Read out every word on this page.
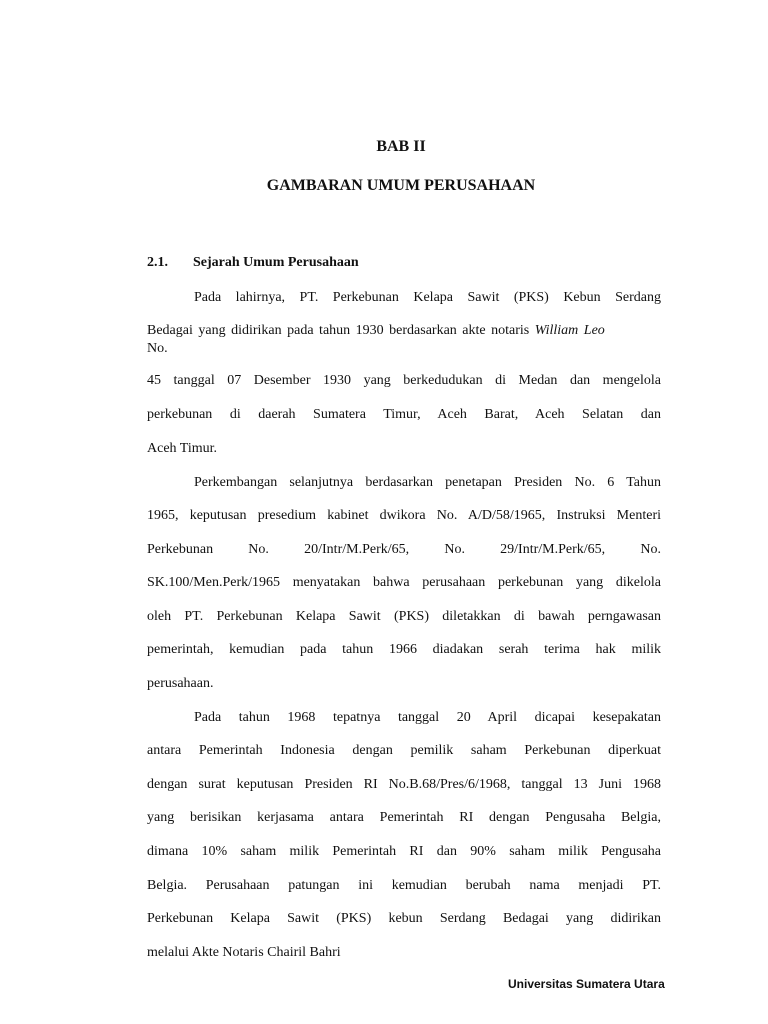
BAB II
GAMBARAN UMUM PERUSAHAAN
2.1. Sejarah Umum Perusahaan
Pada lahirnya, PT. Perkebunan Kelapa Sawit (PKS) Kebun Serdang
Bedagai yang didirikan pada tahun 1930 berdasarkan akte notaris William Leo
No.
45 tanggal 07 Desember 1930 yang berkedudukan di Medan dan mengelola
perkebunan di daerah Sumatera Timur, Aceh Barat, Aceh Selatan dan
Aceh Timur.
Perkembangan selanjutnya berdasarkan penetapan Presiden No. 6 Tahun
1965, keputusan presedium kabinet dwikora No. A/D/58/1965, Instruksi Menteri
Perkebunan No. 20/Intr/M.Perk/65, No. 29/Intr/M.Perk/65, No.
SK.100/Men.Perk/1965 menyatakan bahwa perusahaan perkebunan yang dikelola
oleh PT. Perkebunan Kelapa Sawit (PKS) diletakkan di bawah perngawasan
pemerintah, kemudian pada tahun 1966 diadakan serah terima hak milik
perusahaan.
Pada tahun 1968 tepatnya tanggal 20 April dicapai kesepakatan
antara Pemerintah Indonesia dengan pemilik saham Perkebunan diperkuat
dengan surat keputusan Presiden RI No.B.68/Pres/6/1968, tanggal 13 Juni 1968
yang berisikan kerjasama antara Pemerintah RI dengan Pengusaha Belgia,
dimana 10% saham milik Pemerintah RI dan 90% saham milik Pengusaha
Belgia. Perusahaan patungan ini kemudian berubah nama menjadi PT.
Perkebunan Kelapa Sawit (PKS) kebun Serdang Bedagai yang didirikan
melalui Akte Notaris Chairil Bahri
Universitas Sumatera Utara
